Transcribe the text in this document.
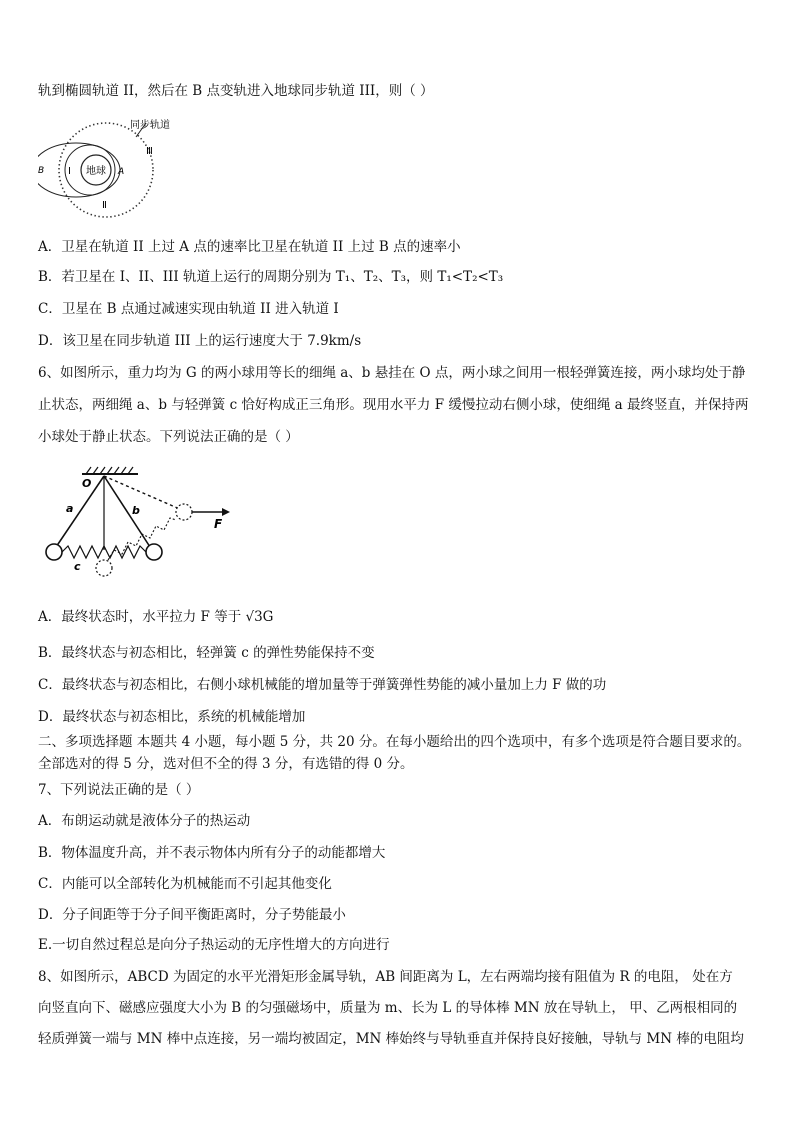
轨到椭圆轨道 II，然后在 B 点变轨进入地球同步轨道 III，则（ ）
地球
同步轨道
Ⅲ
Ⅱ
Ⅰ	A
B
A．卫星在轨道 II 上过 A 点的速率比卫星在轨道 II 上过 B 点的速率小
B．若卫星在 I、II、III 轨道上运行的周期分别为 T₁、T₂、T₃，则 T₁<T₂<T₃
C．卫星在 B 点通过减速实现由轨道 II 进入轨道 I
D．该卫星在同步轨道 III 上的运行速度大于 7.9km/s
6、如图所示，重力均为 G 的两小球用等长的细绳 a、b 悬挂在 O 点，两小球之间用一根轻弹簧连接，两小球均处于静
止状态，两细绳 a、b 与轻弹簧 c 恰好构成正三角形。现用水平力 F 缓慢拉动右侧小球，使细绳 a 最终竖直，并保持两
小球处于静止状态。下列说法正确的是（ ）
O
a	b
F
c
A．最终状态时，水平拉力 F 等于 √3G
B．最终状态与初态相比，轻弹簧 c 的弹性势能保持不变
C．最终状态与初态相比，右侧小球机械能的增加量等于弹簧弹性势能的减小量加上力 F 做的功
D．最终状态与初态相比，系统的机械能增加
二、多项选择题 本题共 4 小题，每小题 5 分，共 20 分。在每小题给出的四个选项中，有多个选项是符合题目要求的。
全部选对的得 5 分，选对但不全的得 3 分，有选错的得 0 分。
7、下列说法正确的是（ ）
A．布朗运动就是液体分子的热运动
B．物体温度升高，并不表示物体内所有分子的动能都增大
C．内能可以全部转化为机械能而不引起其他变化
D．分子间距等于分子间平衡距离时，分子势能最小
E.一切自然过程总是向分子热运动的无序性增大的方向进行
8、如图所示，ABCD 为固定的水平光滑矩形金属导轨，AB 间距离为 L，左右两端均接有阻值为 R 的电阻， 处在方
向竖直向下、磁感应强度大小为 B 的匀强磁场中，质量为 m、长为 L 的导体棒 MN 放在导轨上， 甲、乙两根相同的
轻质弹簧一端与 MN 棒中点连接，另一端均被固定，MN 棒始终与导轨垂直并保持良好接触，导轨与 MN 棒的电阻均
